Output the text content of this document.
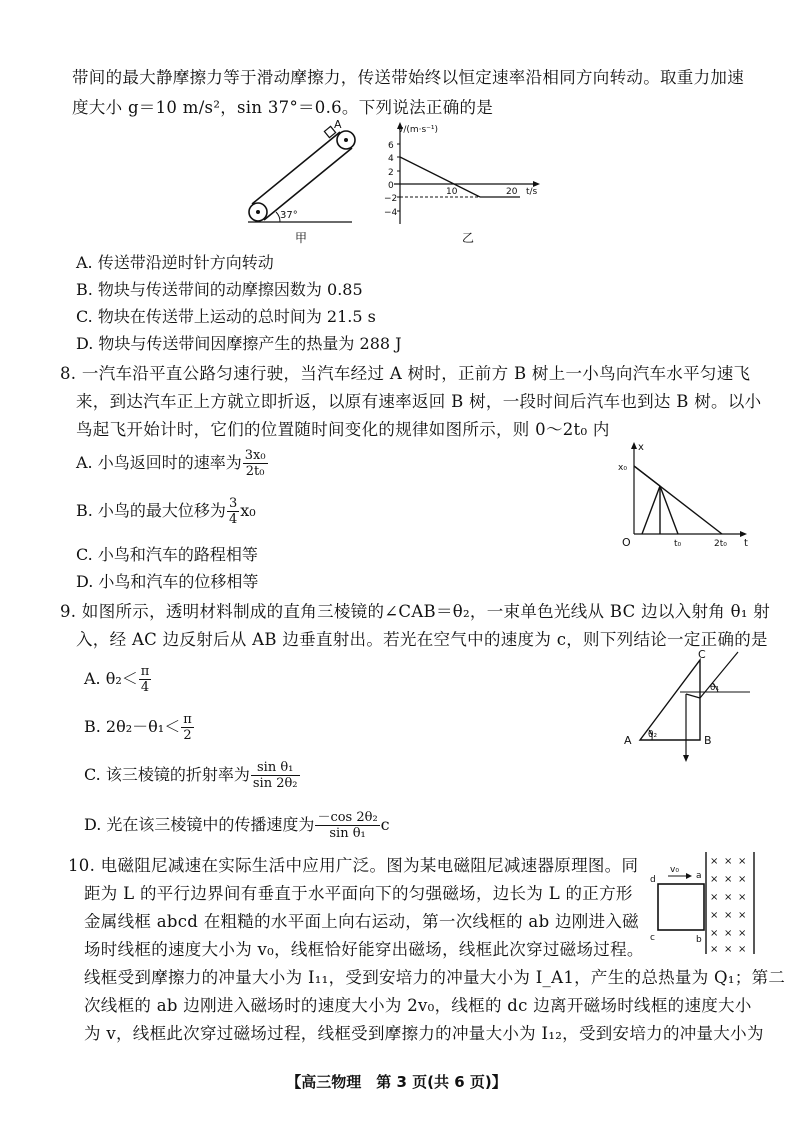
带间的最大静摩擦力等于滑动摩擦力，传送带始终以恒定速率沿相同方向转动。取重力加速
度大小 g＝10 m/s²，sin 37°＝0.6。下列说法正确的是
A
37°
甲
v/(m·s⁻¹)
6
4
2
0
−2
−4
10	20 t/s
乙
A. 传送带沿逆时针方向转动
B. 物块与传送带间的动摩擦因数为 0.85
C. 物块在传送带上运动的总时间为 21.5 s
D. 物块与传送带间因摩擦产生的热量为 288 J
8. 一汽车沿平直公路匀速行驶，当汽车经过 A 树时，正前方 B 树上一小鸟向汽车水平匀速飞
来，到达汽车正上方就立即折返，以原有速率返回 B 树，一段时间后汽车也到达 B 树。以小
鸟起飞开始计时，它们的位置随时间变化的规律如图所示，则 0～2t₀ 内
A. 小鸟返回时的速率为 $\frac{\text{3x₀}}{\text{2t₀}}$
B. 小鸟的最大位移为 $\frac{3}{4} x_0$
C. 小鸟和汽车的路程相等
D. 小鸟和汽车的位移相等
x
x₀
O	t₀	2t₀ t
9. 如图所示，透明材料制成的直角三棱镜的∠CAB＝θ₂，一束单色光线从 BC 边以入射角 θ₁ 射
入，经 AC 边反射后从 AB 边垂直射出。若光在空气中的速度为 c，则下列结论一定正确的是
A. $\theta_2< \frac{\pi}{4}$
B. $2\theta_2-\theta_1< \frac{\pi}{2}$
C. 该三棱镜的折射率为 $\frac{\text{sin θ₁}}{\text{sin 2θ₂}}$
D. 光在该三棱镜中的传播速度为 $\frac{\text{－cos 2θ₂}}{\text{sin θ₁}}$ c
C
A	B
θ₁
θ₂
10. 电磁阻尼减速在实际生活中应用广泛。图为某电磁阻尼减速器原理图。同
距为 L 的平行边界间有垂直于水平面向下的匀强磁场，边长为 L 的正方形
金属线框 abcd 在粗糙的水平面上向右运动，第一次线框的 ab 边刚进入磁
场时线框的速度大小为 v₀，线框恰好能穿出磁场，线框此次穿过磁场过程。
线框受到摩擦力的冲量大小为 I₁₁，受到安培力的冲量大小为 I_A1，产生的总热量为 Q₁；第二
次线框的 ab 边刚进入磁场时的速度大小为 2v₀，线框的 dc 边离开磁场时线框的速度大小
为 v，线框此次穿过磁场过程，线框受到摩擦力的冲量大小为 I₁₂，受到安培力的冲量大小为
d	a
c	b
v₀
× × ×
× × ×
× × ×
× × ×
× × ×
× × ×
【高三物理　第 3 页(共 6 页)】
